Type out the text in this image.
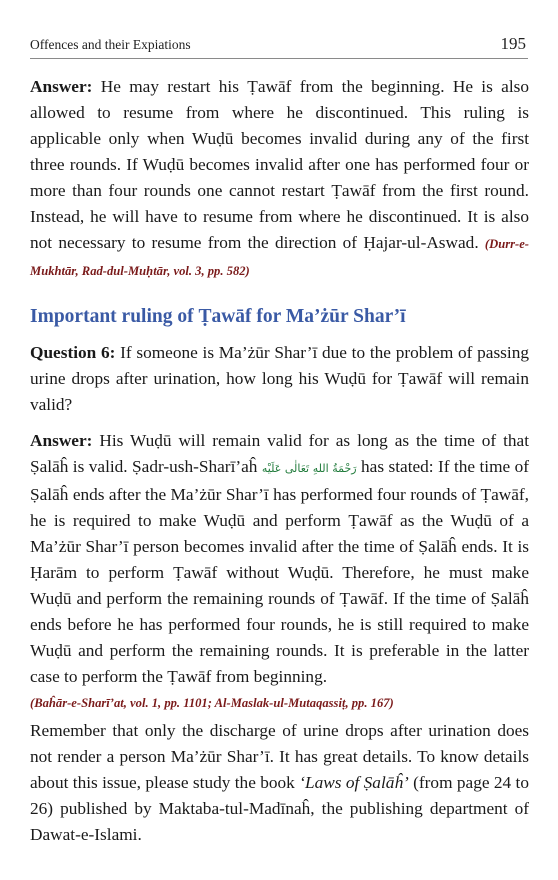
Offences and their Expiations	195
Answer: He may restart his Ṭawāf from the beginning. He is also allowed to resume from where he discontinued. This ruling is applicable only when Wuḍū becomes invalid during any of the first three rounds. If Wuḍū becomes invalid after one has performed four or more than four rounds one cannot restart Ṭawāf from the first round. Instead, he will have to resume from where he discontinued. It is also not necessary to resume from the direction of Ḥajar-ul-Aswad. (Durr-e-Mukhtār, Rad-dul-Muḥtār, vol. 3, pp. 582)
Important ruling of Ṭawāf for Ma’żūr Shar’ī
Question 6: If someone is Ma’żūr Shar’ī due to the problem of passing urine drops after urination, how long his Wuḍū for Ṭawāf will remain valid?
Answer: His Wuḍū will remain valid for as long as the time of that Ṣalāĥ is valid. Ṣadr-ush-Sharī’aĥ رَحْمَةُ اللهِ تَعَالٰی عَلَیْه has stated: If the time of Ṣalāĥ ends after the Ma’żūr Shar’ī has performed four rounds of Ṭawāf, he is required to make Wuḍū and perform Ṭawāf as the Wuḍū of a Ma’żūr Shar’ī person becomes invalid after the time of Ṣalāĥ ends. It is Ḥarām to perform Ṭawāf without Wuḍū. Therefore, he must make Wuḍū and perform the remaining rounds of Ṭawāf. If the time of Ṣalāĥ ends before he has performed four rounds, he is still required to make Wuḍū and perform the remaining rounds. It is preferable in the latter case to perform the Ṭawāf from beginning.
(Baĥār-e-Sharī’at, vol. 1, pp. 1101; Al-Maslak-ul-Mutaqassiṭ, pp. 167)
Remember that only the discharge of urine drops after urination does not render a person Ma’żūr Shar’ī. It has great details. To know details about this issue, please study the book ‘Laws of Ṣalāĥ’ (from page 24 to 26) published by Maktaba-tul-Madīnaĥ, the publishing department of Dawat-e-Islami.
